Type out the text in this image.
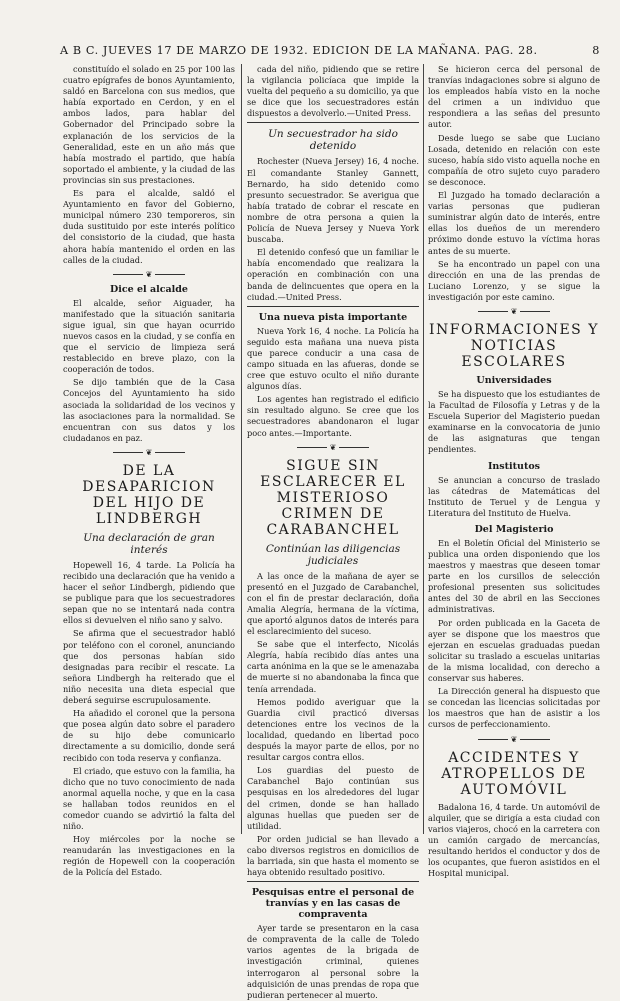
A B C. JUEVES 17 DE MARZO DE 1932. EDICION DE LA MAÑANA. PAG. 28.	8

constituído el solado en 25 por 100 las cuatro epígrafes de bonos Ayuntamiento, saldó en Barcelona con sus medios, que había exportado en Cerdon, y en el ambos lados, para hablar del Gobernador del Principado sobre la explanación de los servicios de la Generalidad, este en un año más que había mostrado el partido, que había soportado el ambiente, y la ciudad de las provincias sin sus prestaciones.

Es para el alcalde, saldó el Ayuntamiento en favor del Gobierno, municipal número 230 temporeros, sin duda sustituido por este interés político del consistorio de la ciudad, que hasta ahora había mantenido el orden en las calles de la ciudad.

❦
Dice el alcalde

El alcalde, señor Aiguader, ha manifestado que la situación sanitaria sigue igual, sin que hayan ocurrido nuevos casos en la ciudad, y se confía en que el servicio de limpieza será restablecido en breve plazo, con la cooperación de todos.

Se dijo también que de la Casa Concejos del Ayuntamiento ha sido asociada la solidaridad de los vecinos y las asociaciones para la normalidad. Se encuentran con sus datos y los ciudadanos en paz.

❦
DE LA DESAPARICION DEL HIJO DE LINDBERGH
Una declaración de gran interés

Hopewell 16, 4 tarde. La Policía ha recibido una declaración que ha venido a hacer el señor Lindbergh, pidiendo que se publique para que los secuestradores sepan que no se intentará nada contra ellos si devuelven el niño sano y salvo.

Se afirma que el secuestrador habló por teléfono con el coronel, anunciando que dos personas habían sido designadas para recibir el rescate. La señora Lindbergh ha reiterado que el niño necesita una dieta especial que deberá seguirse escrupulosamente.

Ha añadido el coronel que la persona que posea algún dato sobre el paradero de su hijo debe comunicarlo directamente a su domicilio, donde será recibido con toda reserva y confianza.

El criado, que estuvo con la familia, ha dicho que no tuvo conocimiento de nada anormal aquella noche, y que en la casa se hallaban todos reunidos en el comedor cuando se advirtió la falta del niño.

Hoy miércoles por la noche se reanudarán las investigaciones en la región de Hopewell con la cooperación de la Policía del Estado.

cada del niño, pidiendo que se retire la vigilancia policíaca que impide la vuelta del pequeño a su domicilio, ya que se dice que los secuestradores están dispuestos a devolverlo.—United Press.

Un secuestrador ha sido detenido

Rochester (Nueva Jersey) 16, 4 noche. El comandante Stanley Gannett, Bernardo, ha sido detenido como presunto secuestrador. Se averigua que había tratado de cobrar el rescate en nombre de otra persona a quien la Policía de Nueva Jersey y Nueva York buscaba.

El detenido confesó que un familiar le había encomendado que realizara la operación en combinación con una banda de delincuentes que opera en la ciudad.—United Press.

Una nueva pista importante

Nueva York 16, 4 noche. La Policía ha seguido esta mañana una nueva pista que parece conducir a una casa de campo situada en las afueras, donde se cree que estuvo oculto el niño durante algunos días.

Los agentes han registrado el edificio sin resultado alguno. Se cree que los secuestradores abandonaron el lugar poco antes.—Importante.

❦
SIGUE SIN ESCLARECER EL MISTERIOSO CRIMEN DE CARABANCHEL
Continúan las diligencias judiciales

A las once de la mañana de ayer se presentó en el Juzgado de Carabanchel, con el fin de prestar declaración, doña Amalia Alegría, hermana de la víctima, que aportó algunos datos de interés para el esclarecimiento del suceso.

Se sabe que el interfecto, Nicolás Alegría, había recibido días antes una carta anónima en la que se le amenazaba de muerte si no abandonaba la finca que tenía arrendada.

Hemos podido averiguar que la Guardia civil practicó diversas detenciones entre los vecinos de la localidad, quedando en libertad poco después la mayor parte de ellos, por no resultar cargos contra ellos.

Los guardias del puesto de Carabanchel Bajo continúan sus pesquisas en los alrededores del lugar del crimen, donde se han hallado algunas huellas que pueden ser de utilidad.

Por orden judicial se han llevado a cabo diversos registros en domicilios de la barriada, sin que hasta el momento se haya obtenido resultado positivo.

Pesquisas entre el personal de tranvías y en las casas de compraventa

Ayer tarde se presentaron en la casa de compraventa de la calle de Toledo varios agentes de la brigada de investigación criminal, quienes interrogaron al personal sobre la adquisición de unas prendas de ropa que pudieran pertenecer al muerto.

Se hicieron cerca del personal de tranvías indagaciones sobre si alguno de los empleados había visto en la noche del crimen a un individuo que respondiera a las señas del presunto autor.

Desde luego se sabe que Luciano Losada, detenido en relación con este suceso, había sido visto aquella noche en compañía de otro sujeto cuyo paradero se desconoce.

El Juzgado ha tomado declaración a varias personas que pudieran suministrar algún dato de interés, entre ellas los dueños de un merendero próximo donde estuvo la víctima horas antes de su muerte.

Se ha encontrado un papel con una dirección en una de las prendas de Luciano Lorenzo, y se sigue la investigación por este camino.

❦
INFORMACIONES Y NOTICIAS ESCOLARES
Universidades

Se ha dispuesto que los estudiantes de la Facultad de Filosofía y Letras y de la Escuela Superior del Magisterio puedan examinarse en la convocatoria de junio de las asignaturas que tengan pendientes.

Institutos

Se anuncian a concurso de traslado las cátedras de Matemáticas del Instituto de Teruel y de Lengua y Literatura del Instituto de Huelva.

Del Magisterio

En el Boletín Oficial del Ministerio se publica una orden disponiendo que los maestros y maestras que deseen tomar parte en los cursillos de selección profesional presenten sus solicitudes antes del 30 de abril en las Secciones administrativas.

Por orden publicada en la Gaceta de ayer se dispone que los maestros que ejerzan en escuelas graduadas puedan solicitar su traslado a escuelas unitarias de la misma localidad, con derecho a conservar sus haberes.

La Dirección general ha dispuesto que se concedan las licencias solicitadas por los maestros que han de asistir a los cursos de perfeccionamiento.

❦
ACCIDENTES Y ATROPELLOS DE AUTOMÓVIL

Badalona 16, 4 tarde. Un automóvil de alquiler, que se dirigía a esta ciudad con varios viajeros, chocó en la carretera con un camión cargado de mercancías, resultando heridos el conductor y dos de los ocupantes, que fueron asistidos en el Hospital municipal.
